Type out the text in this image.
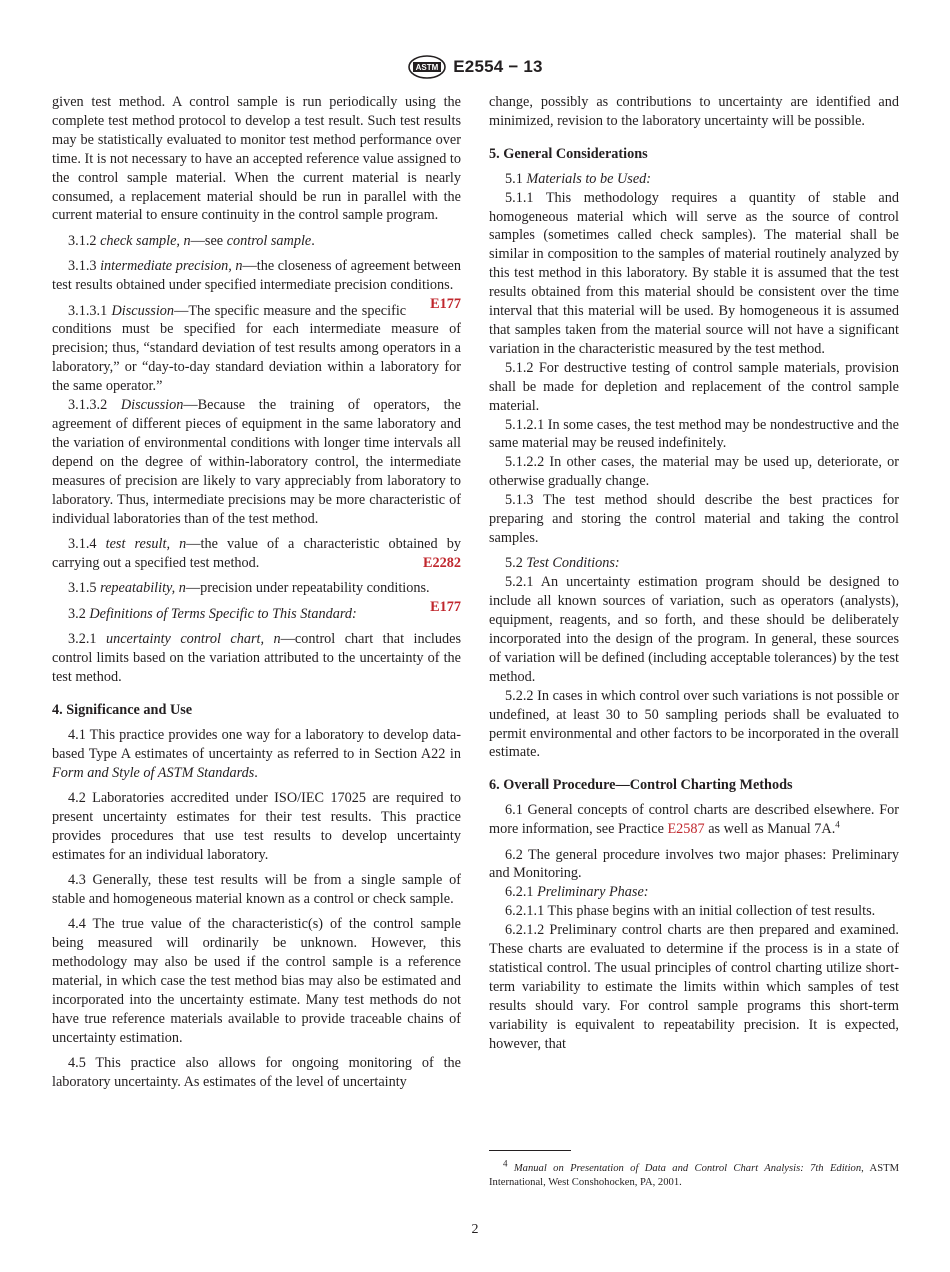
ASTM E2554 − 13

given test method. A control sample is run periodically using the complete test method protocol to develop a test result. Such test results may be statistically evaluated to monitor test method performance over time. It is not necessary to have an accepted reference value assigned to the control sample material. When the current material is nearly consumed, a replacement material should be run in parallel with the current material to ensure continuity in the control sample program.

3.1.2 check sample, n—see control sample.

3.1.3 intermediate precision, n—the closeness of agreement between test results obtained under specified intermediate precision conditions.
E177

3.1.3.1 Discussion—The specific measure and the specific conditions must be specified for each intermediate measure of precision; thus, “standard deviation of test results among operators in a laboratory,” or “day-to-day standard deviation within a laboratory for the same operator.”

3.1.3.2 Discussion—Because the training of operators, the agreement of different pieces of equipment in the same laboratory and the variation of environmental conditions with longer time intervals all depend on the degree of within-laboratory control, the intermediate measures of precision are likely to vary appreciably from laboratory to laboratory. Thus, intermediate precisions may be more characteristic of individual laboratories than of the test method.

3.1.4 test result, n—the value of a characteristic obtained by carrying out a specified test method.	E2282

3.1.5 repeatability, n—precision under repeatability conditions.
E177

3.2 Definitions of Terms Specific to This Standard:

3.2.1 uncertainty control chart, n—control chart that includes control limits based on the variation attributed to the uncertainty of the test method.

4. Significance and Use

4.1 This practice provides one way for a laboratory to develop data-based Type A estimates of uncertainty as referred to in Section A22 in Form and Style of ASTM Standards.

4.2 Laboratories accredited under ISO/IEC 17025 are required to present uncertainty estimates for their test results. This practice provides procedures that use test results to develop uncertainty estimates for an individual laboratory.

4.3 Generally, these test results will be from a single sample of stable and homogeneous material known as a control or check sample.

4.4 The true value of the characteristic(s) of the control sample being measured will ordinarily be unknown. However, this methodology may also be used if the control sample is a reference material, in which case the test method bias may also be estimated and incorporated into the uncertainty estimate. Many test methods do not have true reference materials available to provide traceable chains of uncertainty estimation.

4.5 This practice also allows for ongoing monitoring of the laboratory uncertainty. As estimates of the level of uncertainty

change, possibly as contributions to uncertainty are identified and minimized, revision to the laboratory uncertainty will be possible.

5. General Considerations

5.1 Materials to be Used:

5.1.1 This methodology requires a quantity of stable and homogeneous material which will serve as the source of control samples (sometimes called check samples). The material shall be similar in composition to the samples of material routinely analyzed by this test method in this laboratory. By stable it is assumed that the test results obtained from this material should be consistent over the time interval that this material will be used. By homogeneous it is assumed that samples taken from the material source will not have a significant variation in the characteristic measured by the test method.

5.1.2 For destructive testing of control sample materials, provision shall be made for depletion and replacement of the control sample material.

5.1.2.1 In some cases, the test method may be nondestructive and the same material may be reused indefinitely.

5.1.2.2 In other cases, the material may be used up, deteriorate, or otherwise gradually change.

5.1.3 The test method should describe the best practices for preparing and storing the control material and taking the control samples.

5.2 Test Conditions:

5.2.1 An uncertainty estimation program should be designed to include all known sources of variation, such as operators (analysts), equipment, reagents, and so forth, and these should be deliberately incorporated into the design of the program. In general, these sources of variation will be defined (including acceptable tolerances) by the test method.

5.2.2 In cases in which control over such variations is not possible or undefined, at least 30 to 50 sampling periods shall be evaluated to permit environmental and other factors to be incorporated in the overall estimate.

6. Overall Procedure—Control Charting Methods

6.1 General concepts of control charts are described elsewhere. For more information, see Practice E2587 as well as Manual 7A.$^4$

6.2 The general procedure involves two major phases: Preliminary and Monitoring.

6.2.1 Preliminary Phase:

6.2.1.1 This phase begins with an initial collection of test results.

6.2.1.2 Preliminary control charts are then prepared and examined. These charts are evaluated to determine if the process is in a state of statistical control. The usual principles of control charting utilize short-term variability to estimate the limits within which samples of test results should vary. For control sample programs this short-term variability is equivalent to repeatability precision. It is expected, however, that

$^4$ Manual on Presentation of Data and Control Chart Analysis: 7th Edition, ASTM International, West Conshohocken, PA, 2001.
2
